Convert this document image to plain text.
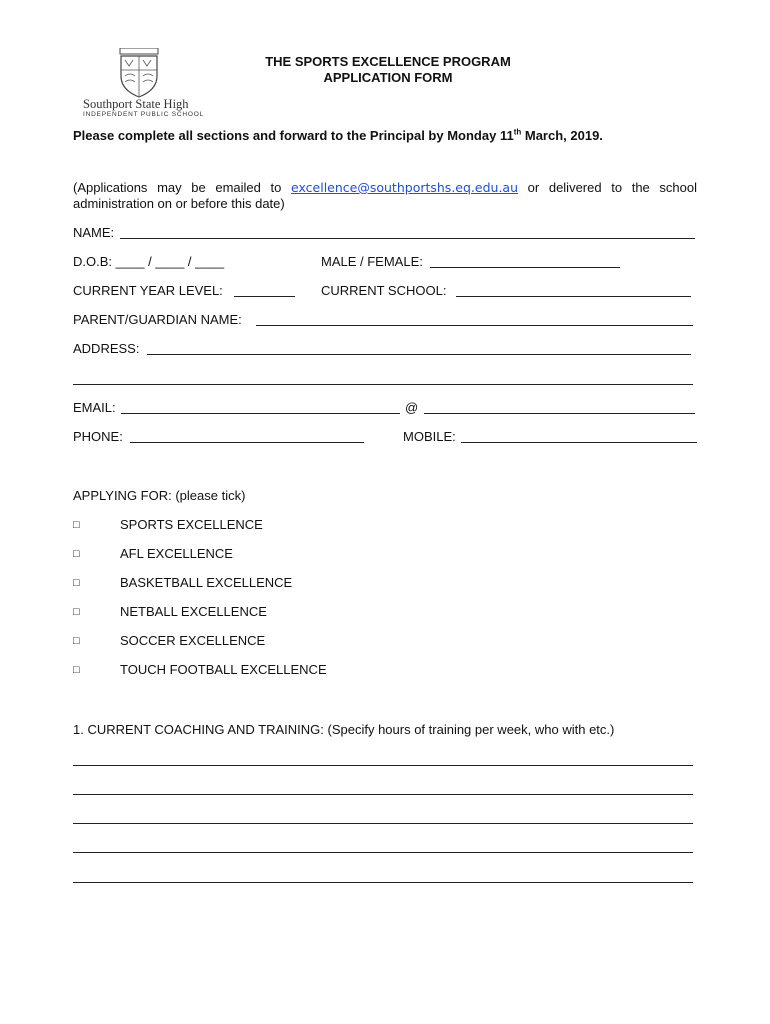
Southport State High
INDEPENDENT PUBLIC SCHOOL
THE SPORTS EXCELLENCE PROGRAM
APPLICATION FORM
Please complete all sections and forward to the Principal by Monday 11th March, 2019.
(Applications may be emailed to excellence@southportshs.eq.edu.au or delivered to the school administration on or before this date)
NAME:
D.O.B: ____ / ____ / ____	MALE / FEMALE:
CURRENT YEAR LEVEL:	CURRENT SCHOOL:
PARENT/GUARDIAN NAME:
ADDRESS:
EMAIL:	@
PHONE:	MOBILE:
APPLYING FOR: (please tick)
□	SPORTS EXCELLENCE
□	AFL EXCELLENCE
□	BASKETBALL EXCELLENCE
□	NETBALL EXCELLENCE
□	SOCCER EXCELLENCE
□	TOUCH FOOTBALL EXCELLENCE
1. CURRENT COACHING AND TRAINING: (Specify hours of training per week, who with etc.)
